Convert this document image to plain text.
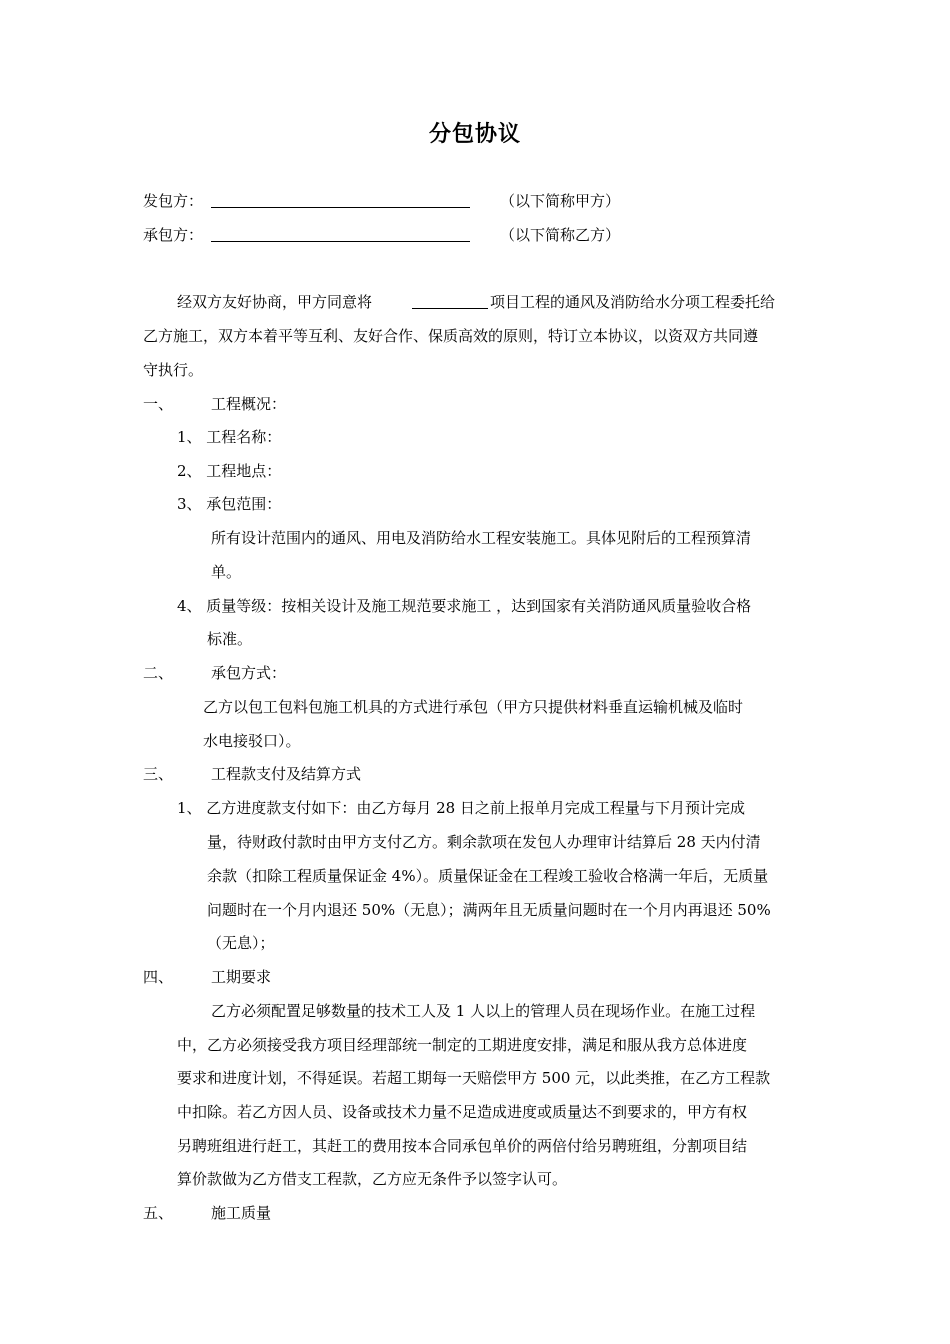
分包协议
发包方：	（以下简称甲方）
承包方：	（以下简称乙方）
经双方友好协商，甲方同意将	项目工程的通风及消防给水分项工程委托给
乙方施工，双方本着平等互利、友好合作、保质高效的原则，特订立本协议，以资双方共同遵
守执行。
一、	工程概况：
1、 工程名称：
2、 工程地点：
3、 承包范围：
所有设计范围内的通风、用电及消防给水工程安装施工。具体见附后的工程预算清
单。
4、 质量等级：按相关设计及施工规范要求施工 ，达到国家有关消防通风质量验收合格
标准。
二、	承包方式：
乙方以包工包料包施工机具的方式进行承包（甲方只提供材料垂直运输机械及临时
水电接驳口）。
三、	工程款支付及结算方式
1、 乙方进度款支付如下：由乙方每月 28 日之前上报单月完成工程量与下月预计完成
量，待财政付款时由甲方支付乙方。剩余款项在发包人办理审计结算后 28 天内付清
余款（扣除工程质量保证金 4%）。质量保证金在工程竣工验收合格满一年后，无质量
问题时在一个月内退还 50%（无息）；满两年且无质量问题时在一个月内再退还 50%
（无息）；
四、	工期要求
乙方必须配置足够数量的技术工人及 1 人以上的管理人员在现场作业。在施工过程
中，乙方必须接受我方项目经理部统一制定的工期进度安排，满足和服从我方总体进度
要求和进度计划，不得延误。若超工期每一天赔偿甲方 500 元，以此类推，在乙方工程款
中扣除。若乙方因人员、设备或技术力量不足造成进度或质量达不到要求的，甲方有权
另聘班组进行赶工，其赶工的费用按本合同承包单价的两倍付给另聘班组，分割项目结
算价款做为乙方借支工程款，乙方应无条件予以签字认可。
五、	施工质量
